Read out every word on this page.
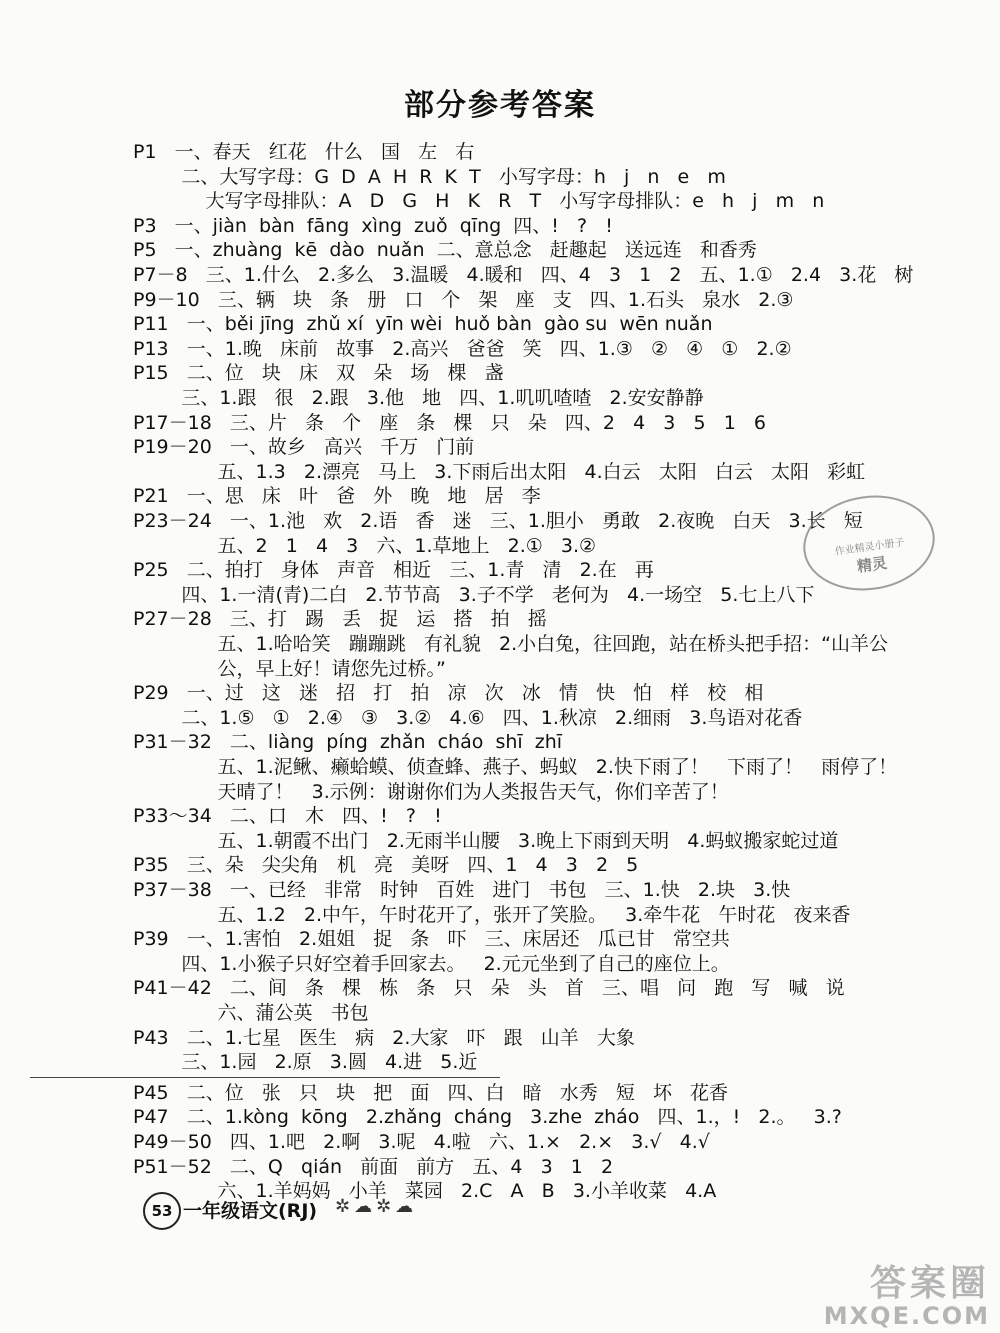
部分参考答案
P1   一、春天   红花   什么   国   左   右
二、大写字母：G  D  A  H  R  K  T   小写字母：h   j   n   e   m
大写字母排队：A   D   G   H   K   R   T   小写字母排队：e   h   j   m   n
P3   一、jiàn  bàn  fāng  xìng  zuǒ  qīng  四、!   ?   !
P5   一、zhuàng  kē  dào  nuǎn  二、意总念   赶趣起   送远连   和香秀
P7－8   三、1.什么   2.多么   3.温暖   4.暖和   四、4   3   1   2   五、1.①   2.4   3.花   树
P9－10   三、辆   块   条   册   口   个   架   座   支   四、1.石头   泉水   2.③
P11   一、běi jīng  zhǔ xí  yīn wèi  huǒ bàn  gào su  wēn nuǎn
P13   一、1.晚   床前   故事   2.高兴   爸爸   笑   四、1.③   ②   ④   ①   2.②
P15   二、位   块   床   双   朵   场   棵   盏
三、1.跟   很   2.跟   3.他   地   四、1.叽叽喳喳   2.安安静静
P17－18   三、片   条   个   座   条   棵   只   朵   四、2   4   3   5   1   6
P19－20   一、故乡   高兴   千万   门前
五、1.3   2.漂亮   马上   3.下雨后出太阳   4.白云   太阳   白云   太阳   彩虹
P21   一、思   床   叶   爸   外   晚   地   居   李
P23－24   一、1.池   欢   2.语   香   迷   三、1.胆小   勇敢   2.夜晚   白天   3.长   短
五、2   1   4   3   六、1.草地上   2.①   3.②
P25   二、拍打   身体   声音   相近   三、1.青   清   2.在   再
四、1.一清(青)二白   2.节节高   3.子不学   老何为   4.一场空   5.七上八下
P27－28   三、打   踢   丢   捉   运   搭   拍   摇
五、1.哈哈笑   蹦蹦跳   有礼貌   2.小白兔，往回跑，站在桥头把手招：“山羊公
公，早上好！请您先过桥。”
P29   一、过   这   迷   招   打   拍   凉   次   冰   情   快   怕   样   校   相
二、1.⑤   ①   2.④   ③   3.②   4.⑥   四、1.秋凉   2.细雨   3.鸟语对花香
P31－32   二、liàng  píng  zhǎn  cháo  shī  zhī
五、1.泥鳅、癞蛤蟆、侦查蜂、燕子、蚂蚁   2.快下雨了！   下雨了！   雨停了！
天晴了！   3.示例：谢谢你们为人类报告天气，你们辛苦了！
P33～34   二、口   木   四、!   ?   !
五、1.朝霞不出门   2.无雨半山腰   3.晚上下雨到天明   4.蚂蚁搬家蛇过道
P35   三、朵   尖尖角   机   亮   美呀   四、1   4   3   2   5
P37－38   一、已经   非常   时钟   百姓   进门   书包   三、1.快   2.块   3.快
五、1.2   2.中午，午时花开了，张开了笑脸。   3.牵牛花   午时花   夜来香
P39   一、1.害怕   2.姐姐   捉   条   吓   三、床居还   瓜已甘   常空共
四、1.小猴子只好空着手回家去。   2.元元坐到了自己的座位上。
P41－42   二、间   条   棵   栋   条   只   朵   头   首   三、唱   问   跑   写   喊   说
六、蒲公英   书包
P43   二、1.七星   医生   病   2.大家   吓   跟   山羊   大象
三、1.园   2.原   3.圆   4.进   5.近
P45   二、位   张   只   块   把   面   四、白   暗   水秀   短   坏   花香
P47   二、1.kòng  kōng   2.zhǎng  cháng   3.zhe  zháo   四、1.，!   2.。   3.?
P49－50   四、1.吧   2.啊   3.呢   4.啦   六、1.×   2.×   3.√   4.√
P51－52   二、Q   qián   前面   前方   五、4   3   1   2
六、1.羊妈妈   小羊   菜园   2.C   A   B   3.小羊收菜   4.A
作业精灵小册子
精灵
53 一年级语文(RJ) ✲☁✲☁
答案圈
MXQE.COM
